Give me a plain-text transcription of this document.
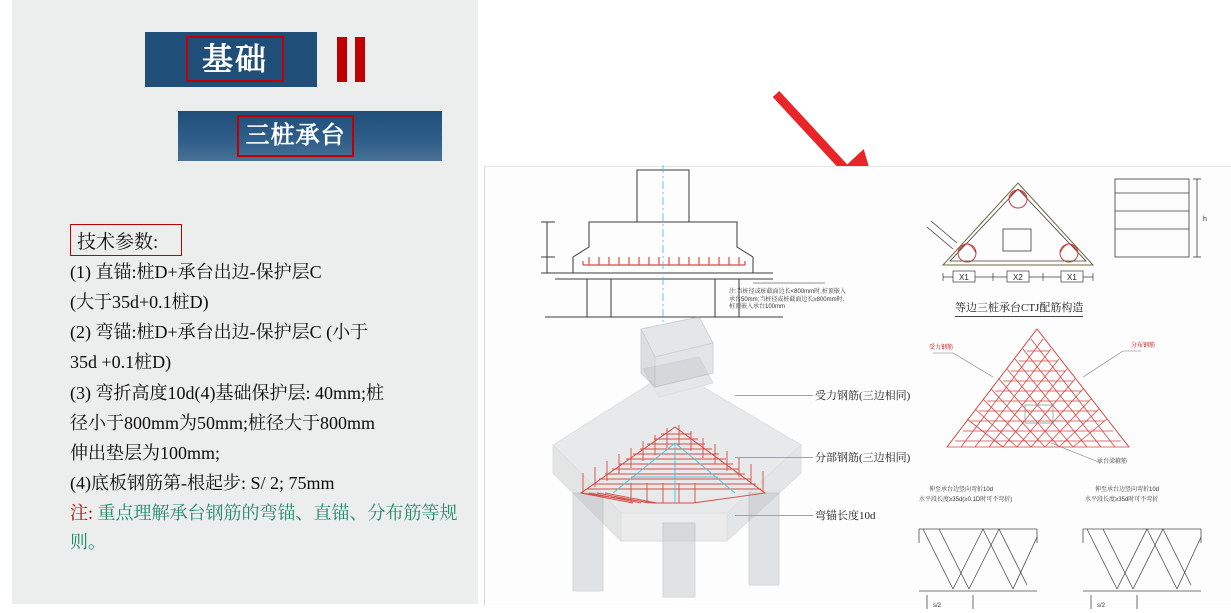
基础
三桩承台
技术参数:

(1) 直锚:桩D+承台出边-保护层C

(大于35d+0.1桩D)

(2) 弯锚:桩D+承台出边-保护层C (小于

35d +0.1桩D)

(3) 弯折高度10d(4)基础保护层: 40mm;桩

径小于800mm为50mm;桩径大于800mm

伸出垫层为100mm;

(4)底板钢筋第-根起步: S/ 2; 75mm

注: 重点理解承台钢筋的弯锚、直锚、分布筋等规则。

注:当桩径或桩截面边长<800mm时,桩顶嵌入承台50mm;当桩径或桩截面边长≥800mm时,桩顶嵌入承台100mm
受力钢筋(三边相同)
分部钢筋(三边相同)
弯锚长度10d
X1	X2	X1
h
等边三桩承台CTJ配筋构造
受力钢筋	分布钢筋
承台梁箍筋
s/2
伸至承台边竖向弯折10d
水平段长度≥35d(≥0.1D时可不弯折)
s/2
伸至承台边竖向弯折10d
水平段长度≥35d时可不弯折
